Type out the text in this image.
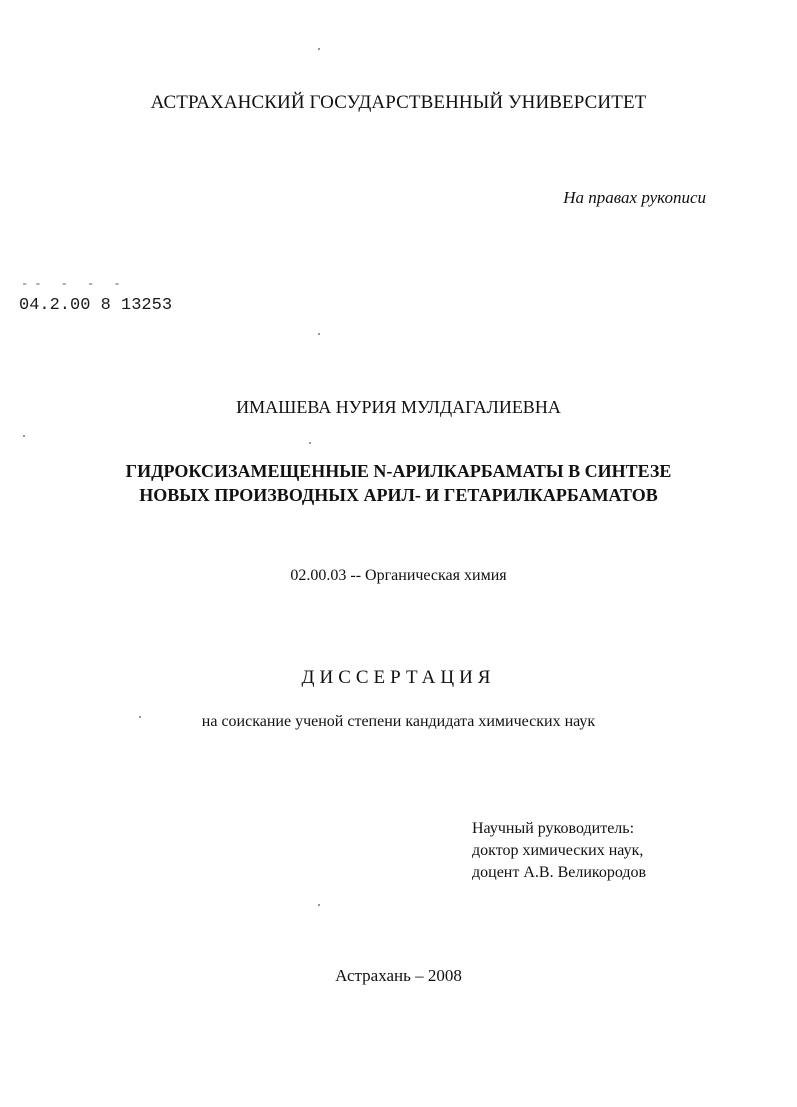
АСТРАХАНСКИЙ ГОСУДАРСТВЕННЫЙ УНИВЕРСИТЕТ
На правах рукописи
-- - - -
04.2.00 8 13253
ИМАШЕВА НУРИЯ МУЛДАГАЛИЕВНА
ГИДРОКСИЗАМЕЩЕННЫЕ N-АРИЛКАРБАМАТЫ В СИНТЕЗЕ
НОВЫХ ПРОИЗВОДНЫХ АРИЛ- И ГЕТАРИЛКАРБАМАТОВ
02.00.03 -- Органическая химия
ДИССЕРТАЦИЯ
на соискание ученой степени кандидата химических наук
Научный руководитель:
доктор химических наук,
доцент А.В. Великородов
Астрахань – 2008
